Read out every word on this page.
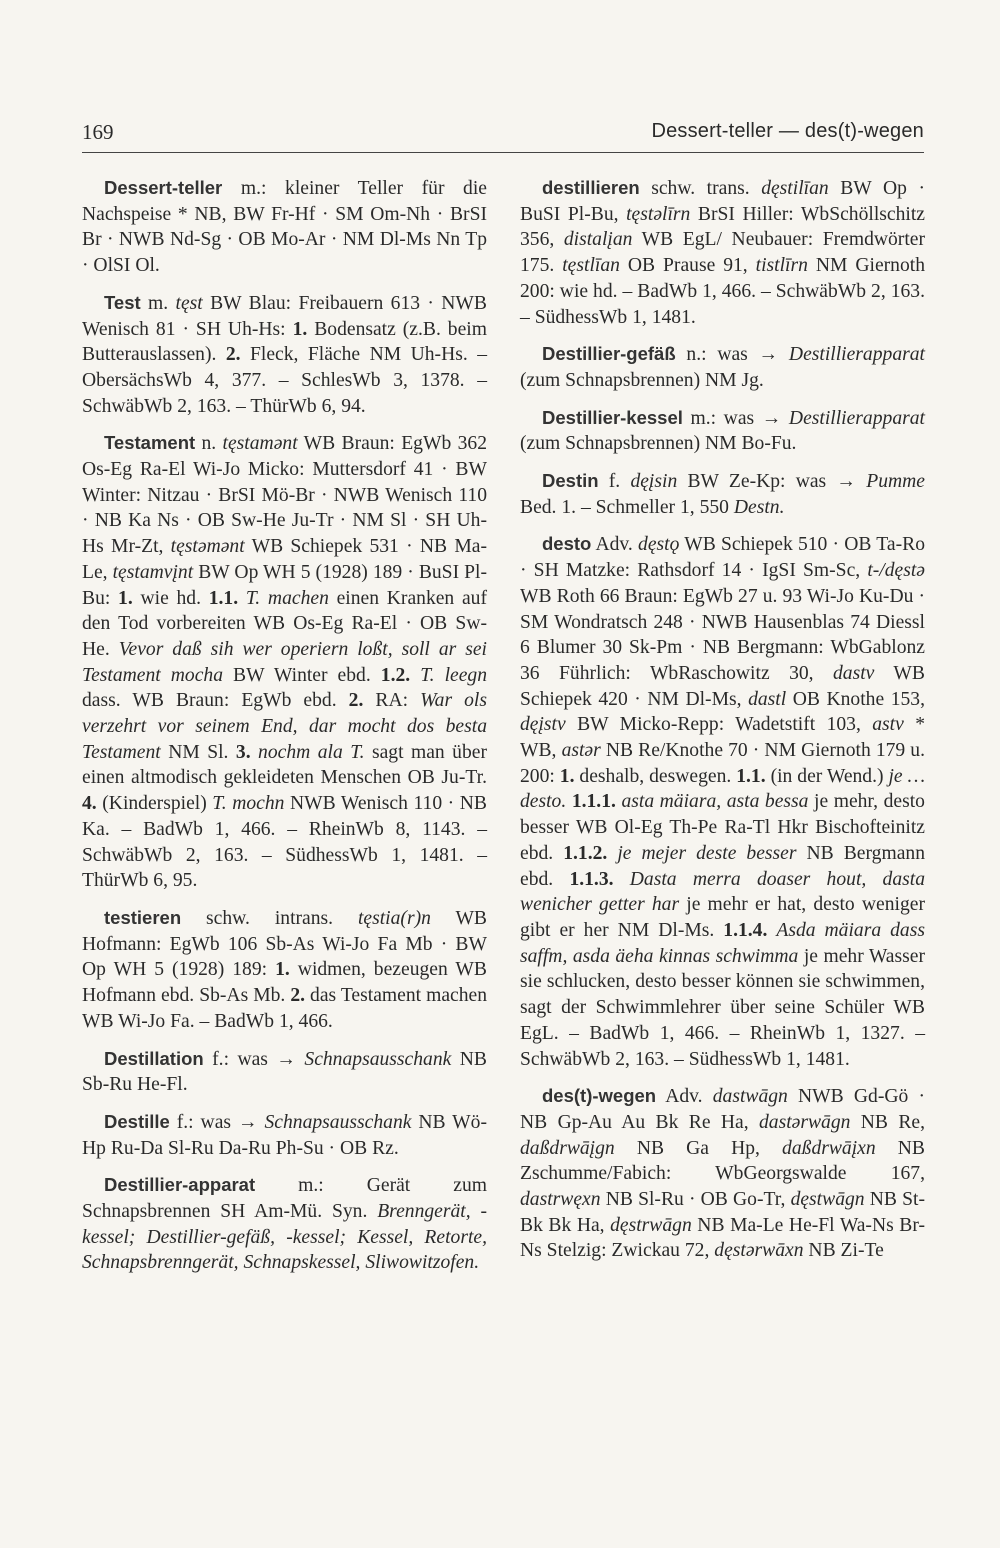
169	Dessert-teller — des(t)-wegen

Dessert-teller m.: kleiner Teller für die Nachspeise * NB, BW Fr-Hf · SM Om-Nh · BrSI Br · NWB Nd-Sg · OB Mo-Ar · NM Dl-Ms Nn Tp · OlSI Ol.

Test m. tęst BW Blau: Freibauern 613 · NWB Wenisch 81 · SH Uh-Hs: 1. Bodensatz (z.B. beim Butterauslassen). 2. Fleck, Fläche NM Uh-Hs. – ObersächsWb 4, 377. – SchlesWb 3, 1378. – SchwäbWb 2, 163. – ThürWb 6, 94.

Testament n. tęstamənt WB Braun: EgWb 362 Os-Eg Ra-El Wi-Jo Micko: Muttersdorf 41 · BW Winter: Nitzau · BrSI Mö-Br · NWB Wenisch 110 · NB Ka Ns · OB Sw-He Ju-Tr · NM Sl · SH Uh-Hs Mr-Zt, tęstəmənt WB Schiepek 531 · NB Ma-Le, tęstamvįnt BW Op WH 5 (1928) 189 · BuSI Pl-Bu: 1. wie hd. 1.1. T. machen einen Kranken auf den Tod vorbereiten WB Os-Eg Ra-El · OB Sw-He. Vevor daß sih wer operiern loßt, soll ar sei Testament mocha BW Winter ebd. 1.2. T. leegn dass. WB Braun: EgWb ebd. 2. RA: War ols verzehrt vor seinem End, dar mocht dos besta Testament NM Sl. 3. nochm ala T. sagt man über einen altmodisch gekleideten Menschen OB Ju-Tr. 4. (Kinderspiel) T. mochn NWB Wenisch 110 · NB Ka. – BadWb 1, 466. – RheinWb 8, 1143. – SchwäbWb 2, 163. – SüdhessWb 1, 1481. – ThürWb 6, 95.

testieren schw. intrans. tęstia(r)n WB Hofmann: EgWb 106 Sb-As Wi-Jo Fa Mb · BW Op WH 5 (1928) 189: 1. widmen, bezeugen WB Hofmann ebd. Sb-As Mb. 2. das Testament machen WB Wi-Jo Fa. – BadWb 1, 466.

Destillation f.: was → Schnapsausschank NB Sb-Ru He-Fl.

Destille f.: was → Schnapsausschank NB Wö-Hp Ru-Da Sl-Ru Da-Ru Ph-Su · OB Rz.

Destillier-apparat m.: Gerät zum Schnapsbrennen SH Am-Mü. Syn. Brenngerät, -kessel; Destillier-gefäß, -kessel; Kessel, Retorte, Schnapsbrenngerät, Schnapskessel, Sliwowitzofen.

destillieren schw. trans. dęstilīan BW Op · BuSI Pl-Bu, tęstəlīrn BrSI Hiller: WbSchöllschitz 356, distalįan WB EgL/ Neubauer: Fremdwörter 175. tęstlīan OB Prause 91, tistlīrn NM Giernoth 200: wie hd. – BadWb 1, 466. – SchwäbWb 2, 163. – SüdhessWb 1, 1481.

Destillier-gefäß n.: was → Destillierapparat (zum Schnapsbrennen) NM Jg.

Destillier-kessel m.: was → Destillierapparat (zum Schnapsbrennen) NM Bo-Fu.

Destin f. dęįsin BW Ze-Kp: was → Pumme Bed. 1. – Schmeller 1, 550 Destn.

desto Adv. dęstǫ WB Schiepek 510 · OB Ta-Ro · SH Matzke: Rathsdorf 14 · IgSI Sm-Sc, t-/dęstə WB Roth 66 Braun: EgWb 27 u. 93 Wi-Jo Ku-Du · SM Wondratsch 248 · NWB Hausenblas 74 Diessl 6 Blumer 30 Sk-Pm · NB Bergmann: WbGablonz 36 Führlich: WbRaschowitz 30, dastv WB Schiepek 420 · NM Dl-Ms, dastl OB Knothe 153, dęįstv BW Micko-Repp: Wadetstift 103, astv * WB, astər NB Re/Knothe 70 · NM Giernoth 179 u. 200: 1. deshalb, deswegen. 1.1. (in der Wend.) je … desto. 1.1.1. asta mäiara, asta bessa je mehr, desto besser WB Ol-Eg Th-Pe Ra-Tl Hkr Bischofteinitz ebd. 1.1.2. je mejer deste besser NB Bergmann ebd. 1.1.3. Dasta merra doaser hout, dasta wenicher getter har je mehr er hat, desto weniger gibt er her NM Dl-Ms. 1.1.4. Asda mäiara dass saffm, asda äeha kinnas schwimma je mehr Wasser sie schlucken, desto besser können sie schwimmen, sagt der Schwimmlehrer über seine Schüler WB EgL. – BadWb 1, 466. – RheinWb 1, 1327. – SchwäbWb 2, 163. – SüdhessWb 1, 1481.

des(t)-wegen Adv. dastwāgn NWB Gd-Gö · NB Gp-Au Au Bk Re Ha, dastərwāgn NB Re, daßdrwāįgn NB Ga Hp, daßdrwāįxn NB Zschumme/Fabich: WbGeorgswalde 167, dastrwęxn NB Sl-Ru · OB Go-Tr, dęstwāgn NB St-Bk Bk Ha, dęstrwāgn NB Ma-Le He-Fl Wa-Ns Br-Ns Stelzig: Zwickau 72, dęstərwāxn NB Zi-Te
